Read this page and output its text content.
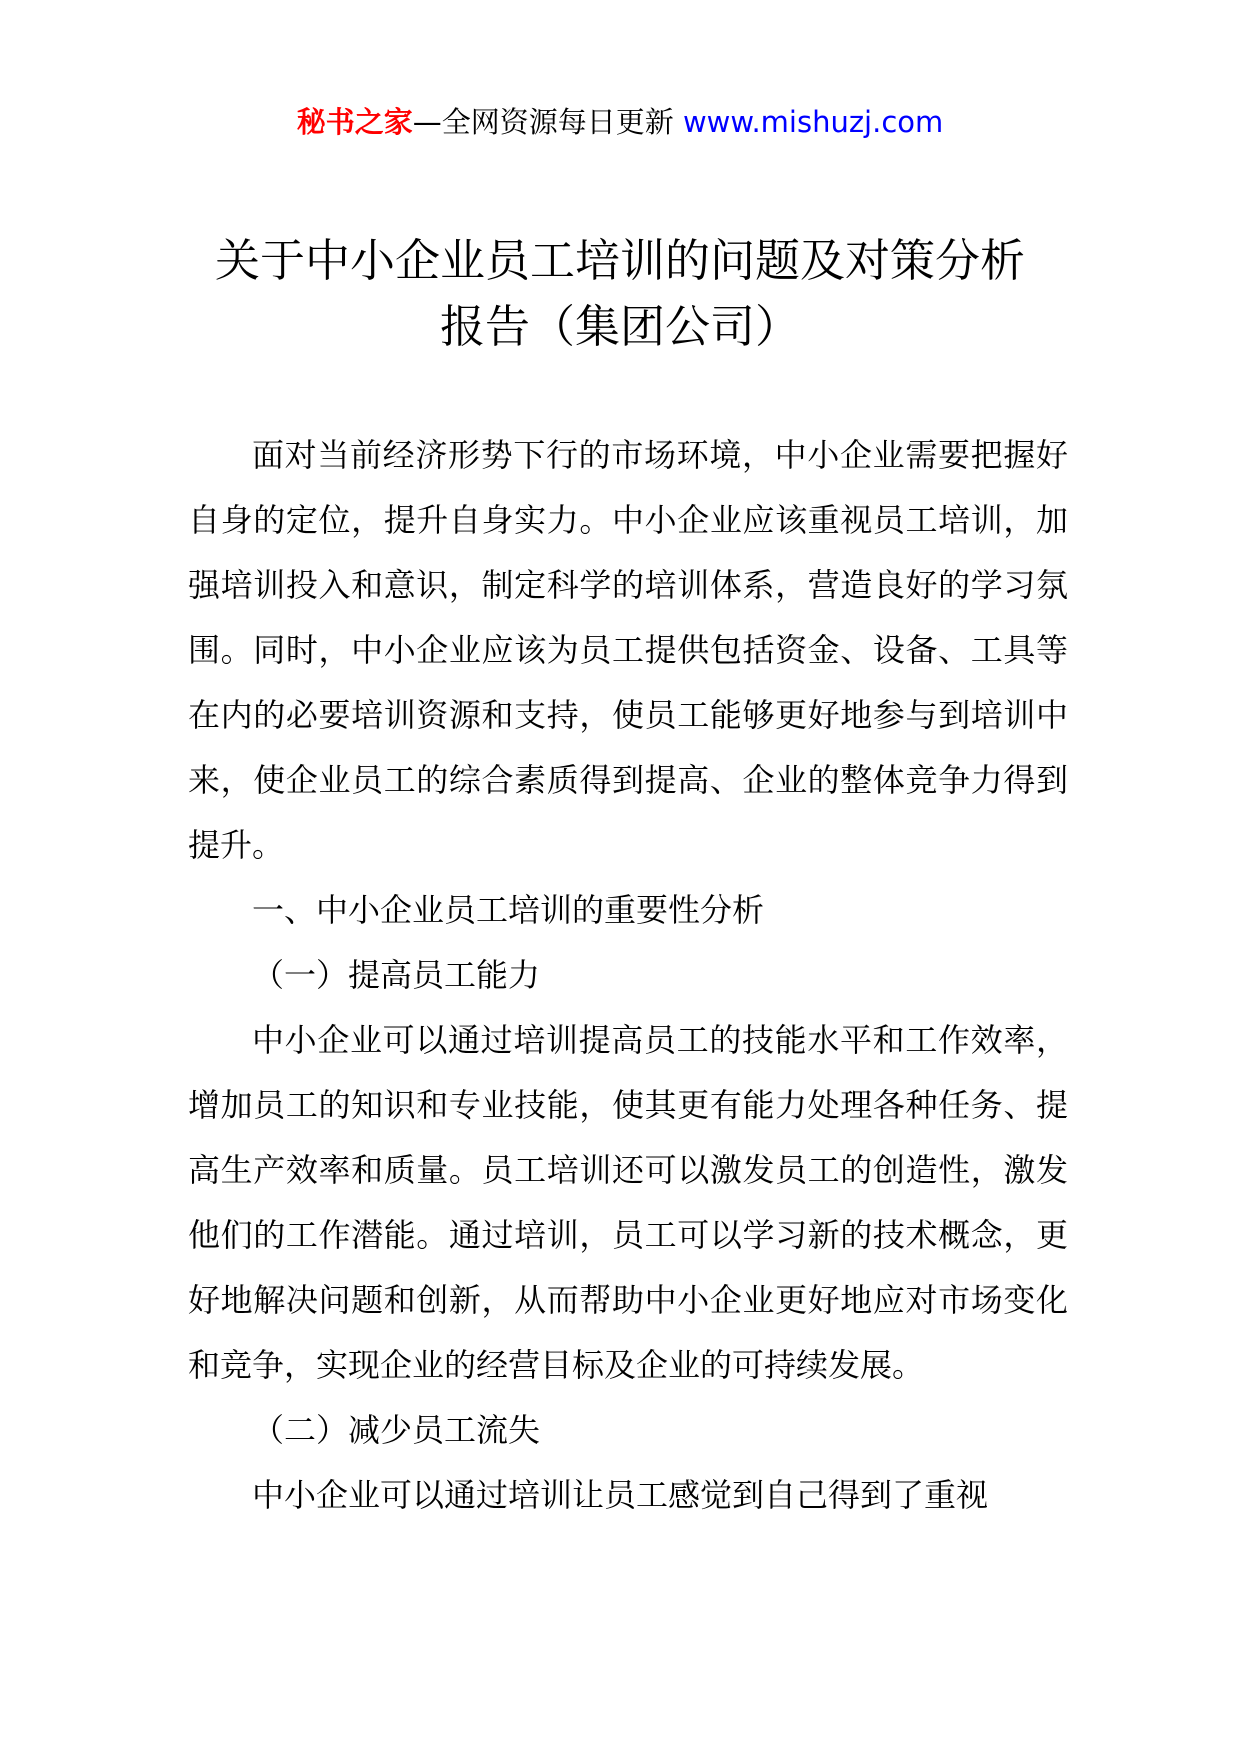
秘书之家—全网资源每日更新 www.mishuzj.com
关于中小企业员工培训的问题及对策分析
报告（集团公司）

面对当前经济形势下行的市场环境，中小企业需要把握好自身的定位，提升自身实力。中小企业应该重视员工培训，加强培训投入和意识，制定科学的培训体系，营造良好的学习氛围。同时，中小企业应该为员工提供包括资金、设备、工具等在内的必要培训资源和支持，使员工能够更好地参与到培训中来，使企业员工的综合素质得到提高、企业的整体竞争力得到提升。

一、中小企业员工培训的重要性分析

（一）提高员工能力

中小企业可以通过培训提高员工的技能水平和工作效率，增加员工的知识和专业技能，使其更有能力处理各种任务、提高生产效率和质量。员工培训还可以激发员工的创造性，激发他们的工作潜能。通过培训，员工可以学习新的技术概念，更好地解决问题和创新，从而帮助中小企业更好地应对市场变化和竞争，实现企业的经营目标及企业的可持续发展。

（二）减少员工流失

中小企业可以通过培训让员工感觉到自己得到了重视
